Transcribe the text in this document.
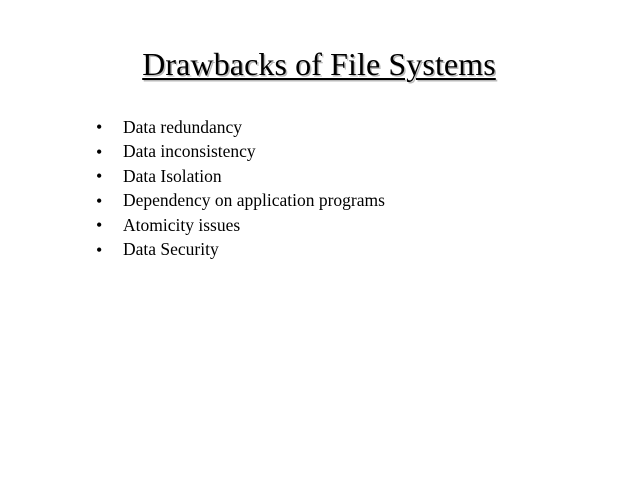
Drawbacks of File Systems
•	Data redundancy
•	Data inconsistency
•	Data Isolation
•	Dependency on application programs
•	Atomicity issues
•	Data Security
